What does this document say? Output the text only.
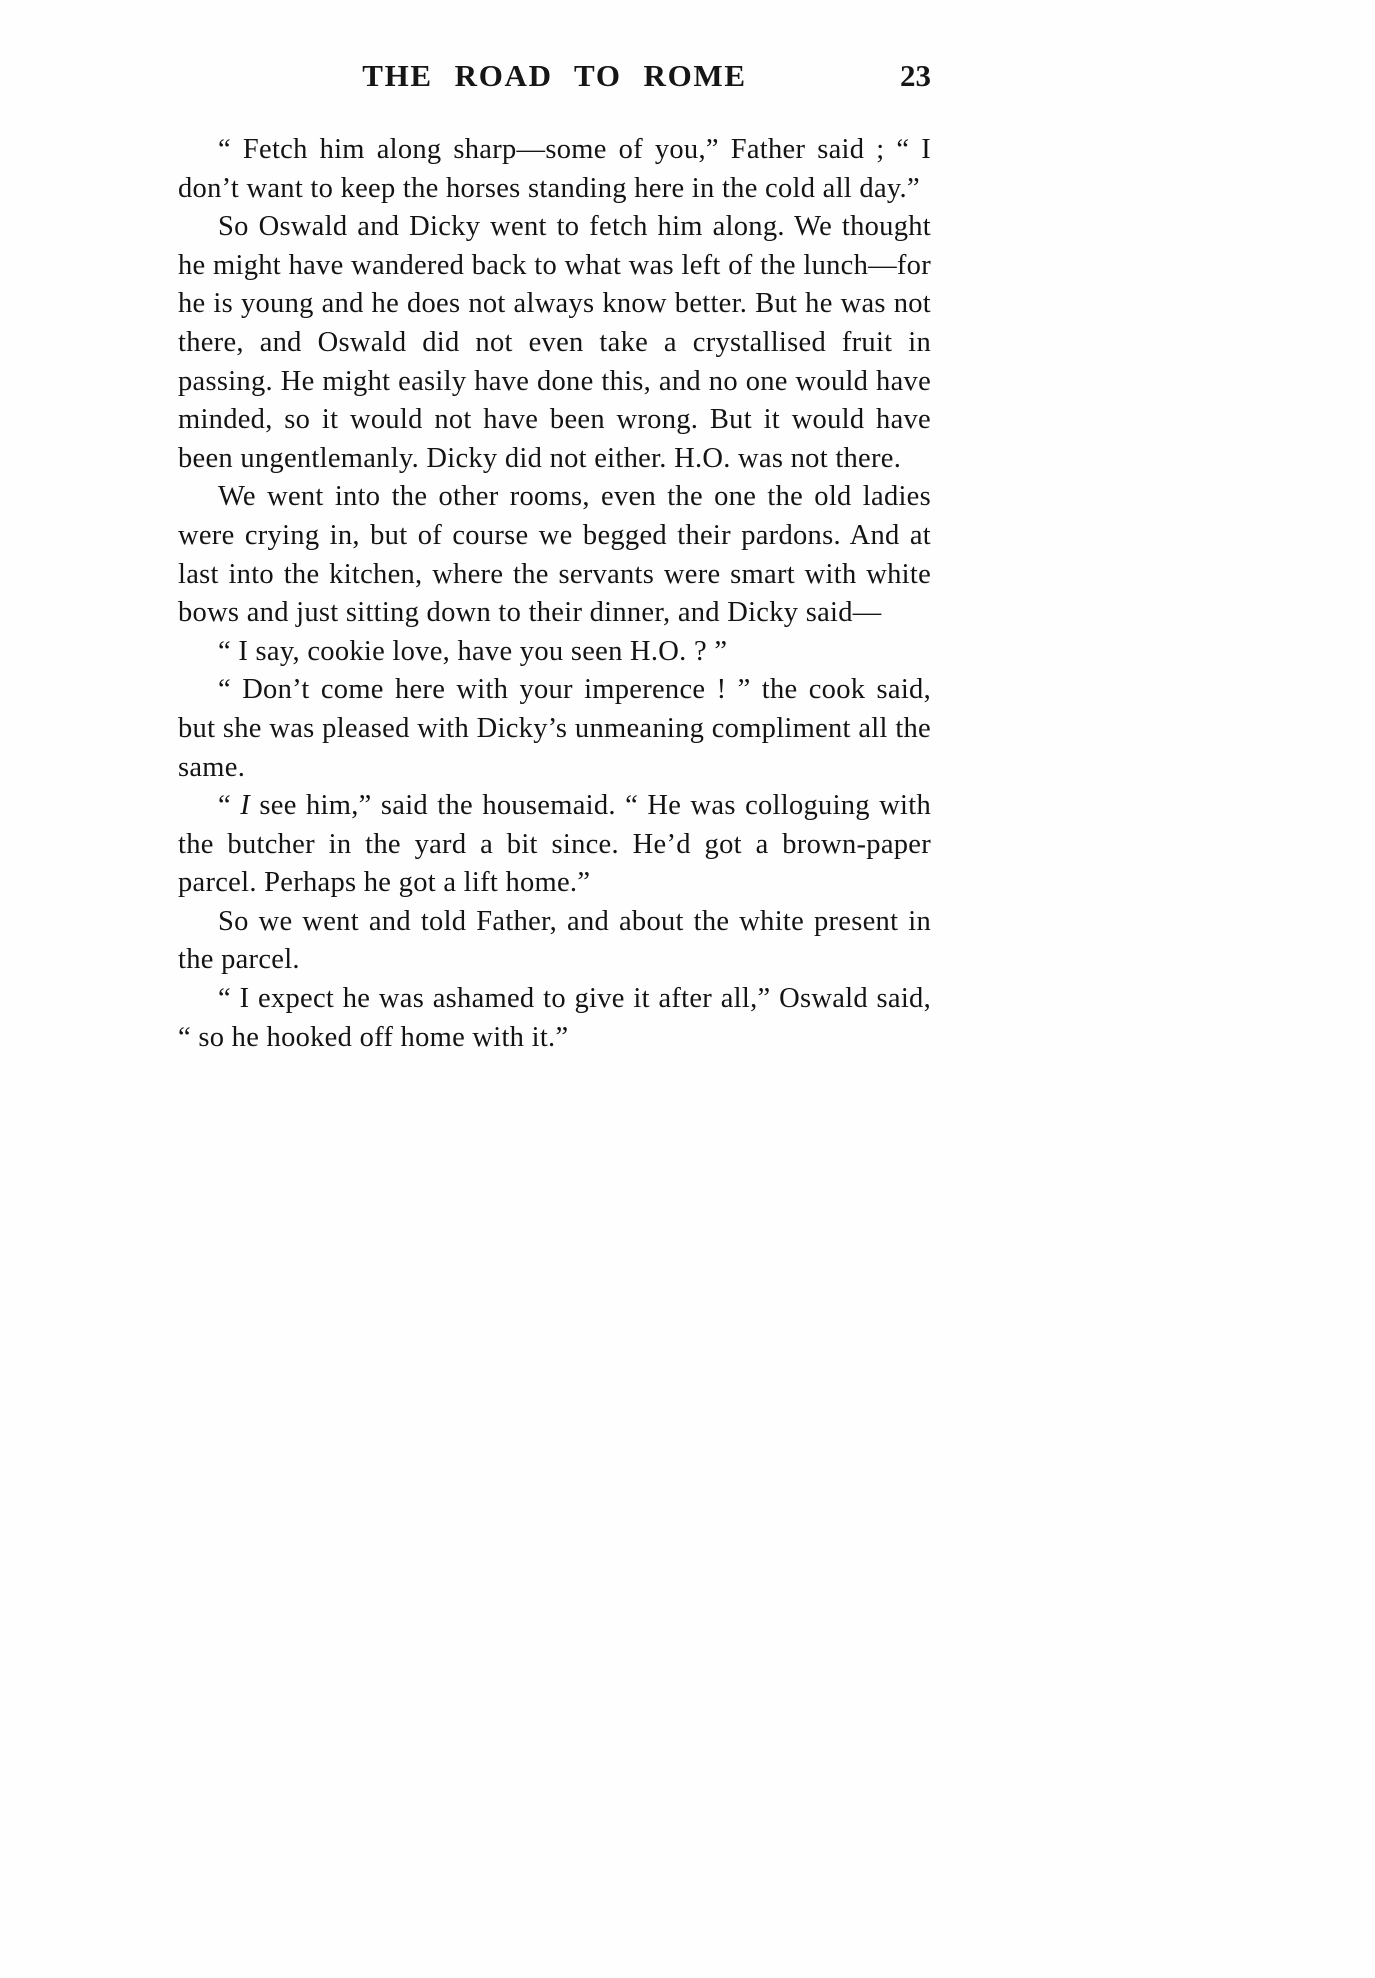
THE ROAD TO ROME	23

“ Fetch him along sharp—some of you,” Father said ; “ I don’t want to keep the horses standing here in the cold all day.”

So Oswald and Dicky went to fetch him along. We thought he might have wandered back to what was left of the lunch—for he is young and he does not always know better. But he was not there, and Oswald did not even take a crystallised fruit in passing. He might easily have done this, and no one would have minded, so it would not have been wrong. But it would have been ungentlemanly. Dicky did not either. H.O. was not there.

We went into the other rooms, even the one the old ladies were crying in, but of course we begged their pardons. And at last into the kitchen, where the servants were smart with white bows and just sitting down to their dinner, and Dicky said—

“ I say, cookie love, have you seen H.O. ? ”

“ Don’t come here with your imperence ! ” the cook said, but she was pleased with Dicky’s unmeaning compliment all the same.

“ I see him,” said the housemaid. “ He was colloguing with the butcher in the yard a bit since. He’d got a brown-paper parcel. Perhaps he got a lift home.”

So we went and told Father, and about the white present in the parcel.

“ I expect he was ashamed to give it after all,” Oswald said, “ so he hooked off home with it.”
